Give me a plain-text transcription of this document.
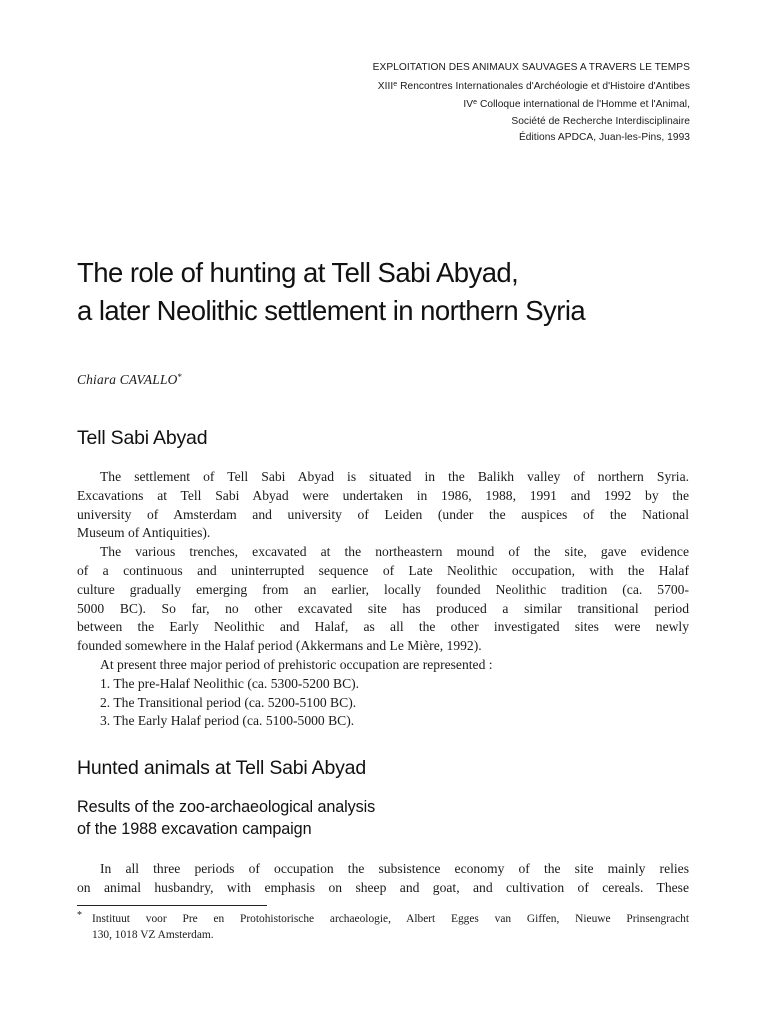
EXPLOITATION DES ANIMAUX SAUVAGES A TRAVERS LE TEMPS
XIIIe Rencontres Internationales d'Archéologie et d'Histoire d'Antibes
IVe Colloque international de l'Homme et l'Animal,
Société de Recherche Interdisciplinaire
Éditions APDCA, Juan-les-Pins, 1993
The role of hunting at Tell Sabi Abyad,
a later Neolithic settlement in northern Syria
Chiara CAVALLO*
Tell Sabi Abyad
The settlement of Tell Sabi Abyad is situated in the Balikh valley of northern Syria.
Excavations at Tell Sabi Abyad were undertaken in 1986, 1988, 1991 and 1992 by the
university of Amsterdam and university of Leiden (under the auspices of the National
Museum of Antiquities).
The various trenches, excavated at the northeastern mound of the site, gave evidence
of a continuous and uninterrupted sequence of Late Neolithic occupation, with the Halaf
culture gradually emerging from an earlier, locally founded Neolithic tradition (ca. 5700-
5000 BC). So far, no other excavated site has produced a similar transitional period
between the Early Neolithic and Halaf, as all the other investigated sites were newly
founded somewhere in the Halaf period (Akkermans and Le Mière, 1992).
At present three major period of prehistoric occupation are represented :
1. The pre-Halaf Neolithic (ca. 5300-5200 BC).
2. The Transitional period (ca. 5200-5100 BC).
3. The Early Halaf period (ca. 5100-5000 BC).
Hunted animals at Tell Sabi Abyad
Results of the zoo-archaeological analysis
of the 1988 excavation campaign
In all three periods of occupation the subsistence economy of the site mainly relies
on animal husbandry, with emphasis on sheep and goat, and cultivation of cereals. These
* Instituut voor Pre en Protohistorische archaeologie, Albert Egges van Giffen, Nieuwe Prinsengracht
130, 1018 VZ Amsterdam.
